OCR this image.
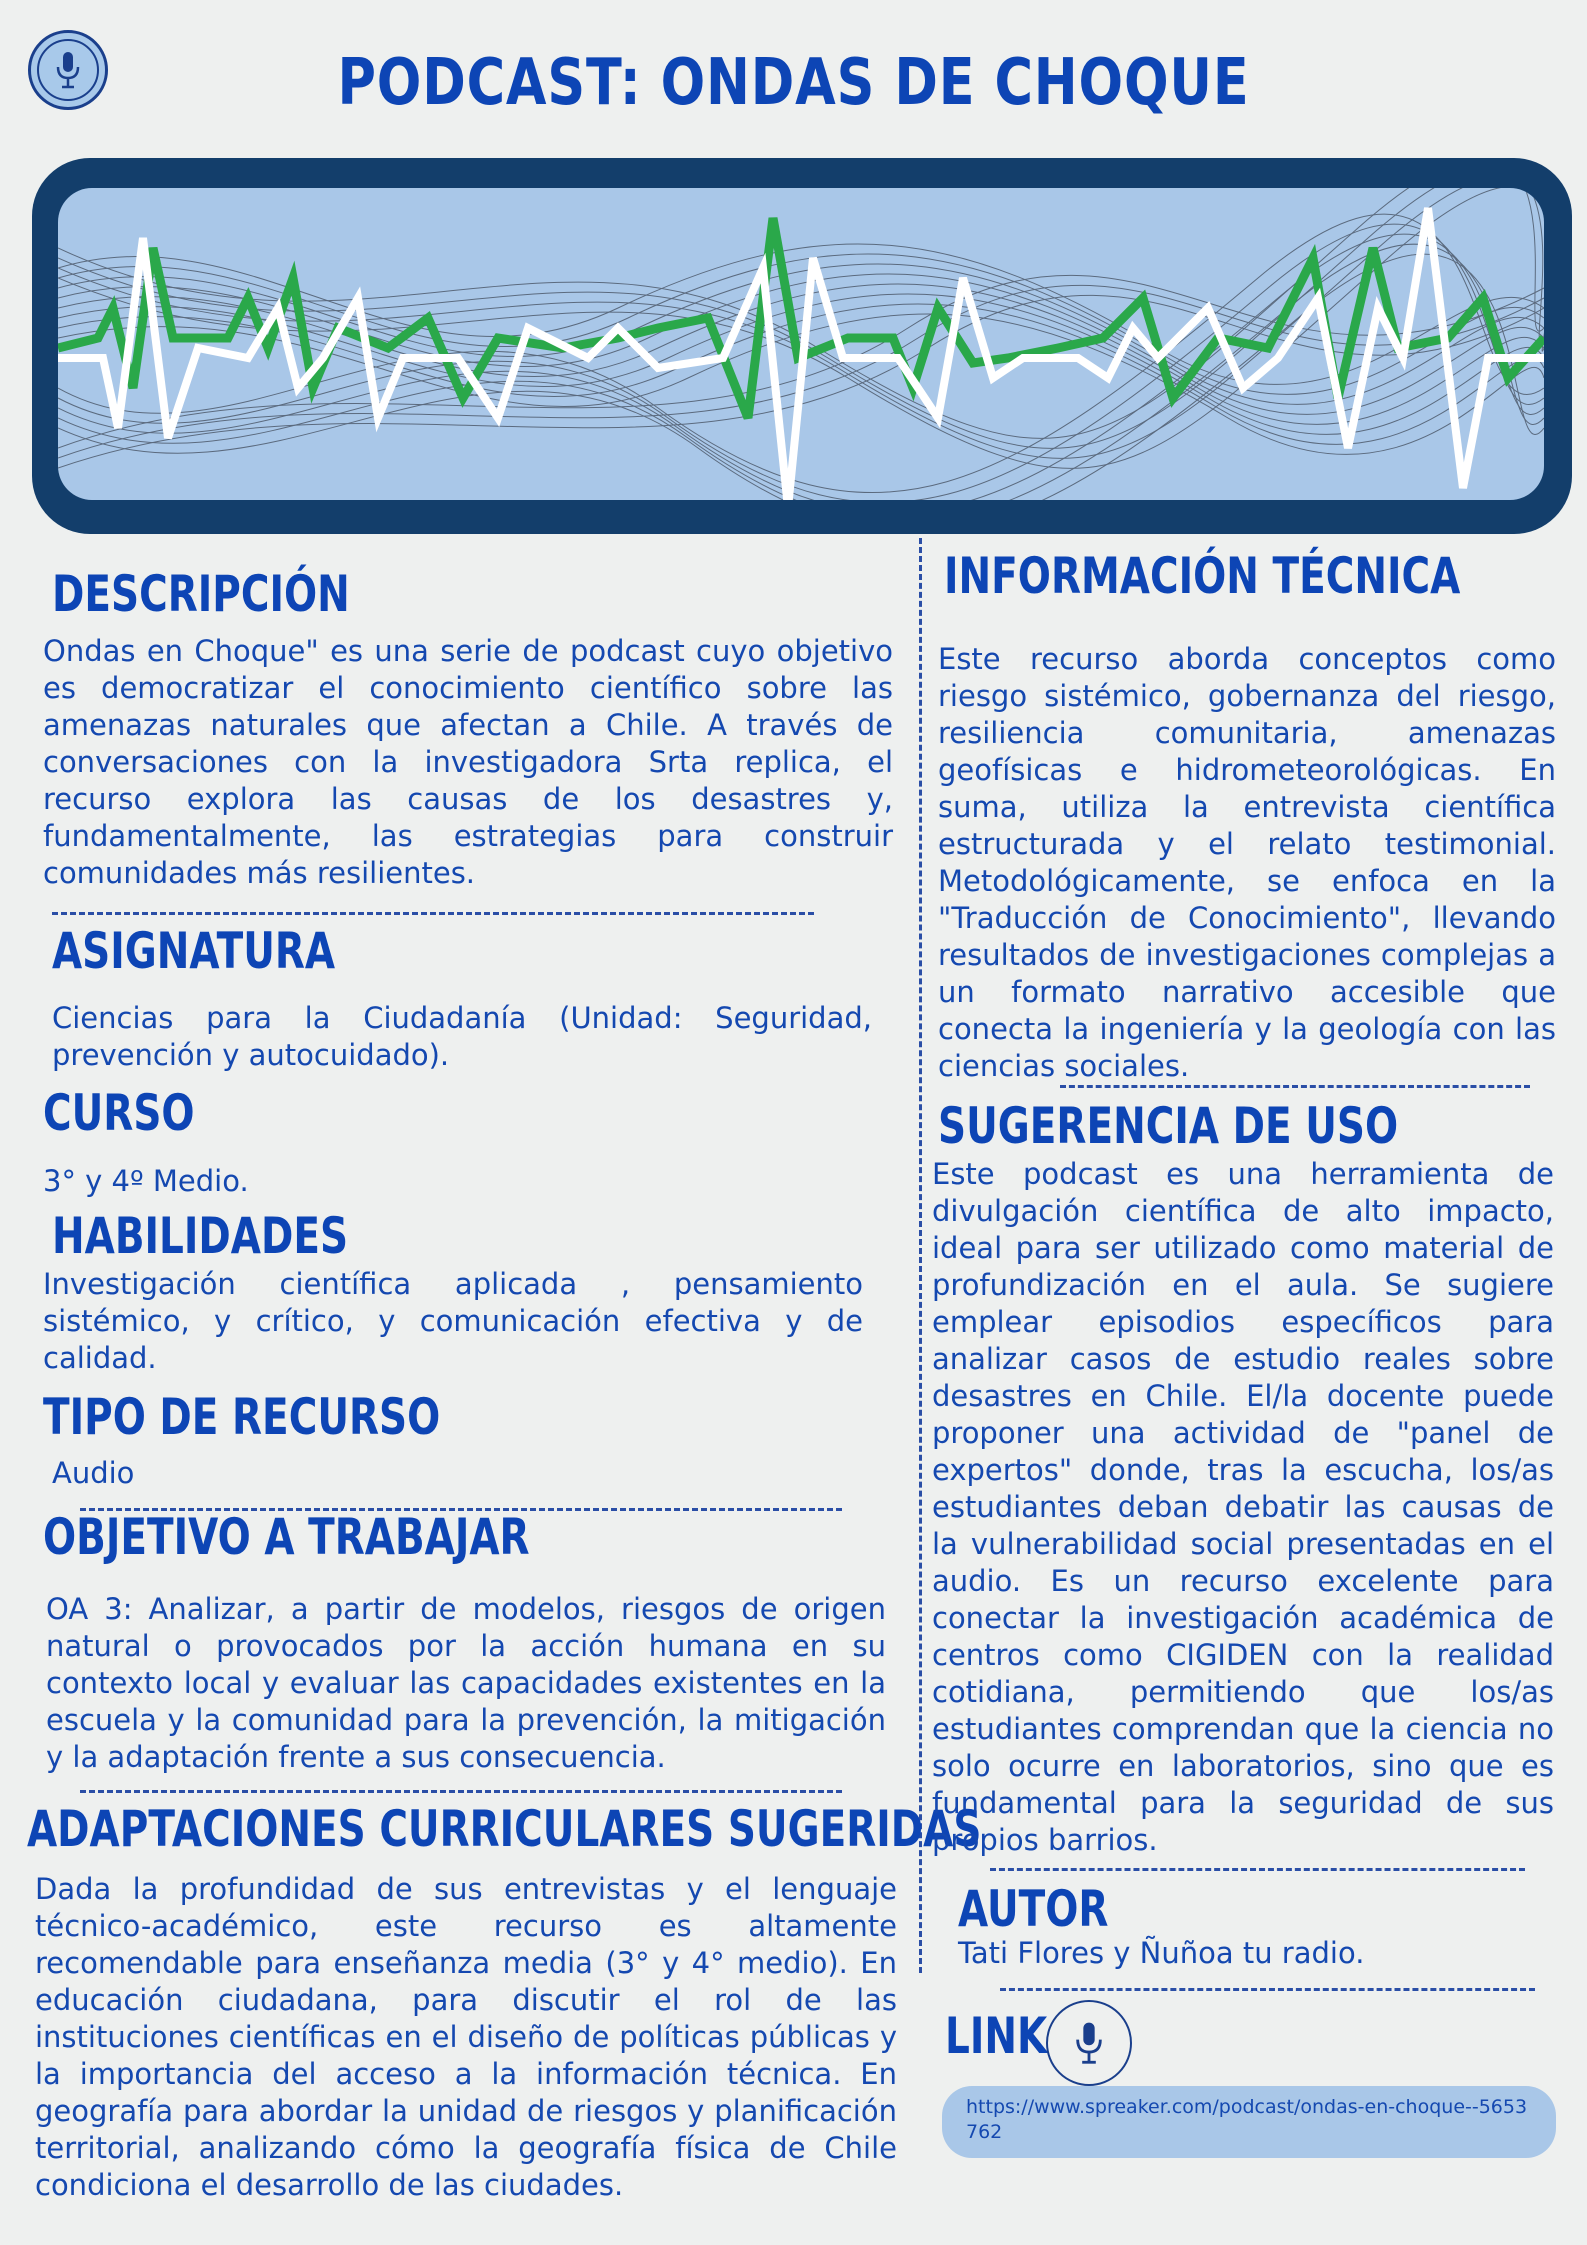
PODCAST: ONDAS DE CHOQUE
DESCRIPCIÓN
Ondas en Choque" es una serie de podcast cuyo objetivo es democratizar el conocimiento científico sobre las amenazas naturales que afectan a Chile. A través de conversaciones con la investigadora Srta replica, el recurso explora las causas de los desastres y, fundamentalmente, las estrategias para construir comunidades más resilientes.
ASIGNATURA
Ciencias para la Ciudadanía (Unidad: Seguridad, prevención y autocuidado).
CURSO
3° y 4º Medio.
HABILIDADES
Investigación científica aplicada , pensamiento sistémico, y crítico, y comunicación efectiva y de calidad.
TIPO DE RECURSO
Audio
OBJETIVO A TRABAJAR
OA 3: Analizar, a partir de modelos, riesgos de origen natural o provocados por la acción humana en su contexto local y evaluar las capacidades existentes en la escuela y la comunidad para la prevención, la mitigación y la adaptación frente a sus consecuencia.
ADAPTACIONES CURRICULARES SUGERIDAS
Dada la profundidad de sus entrevistas y el lenguaje técnico-académico, este recurso es altamente recomendable para enseñanza media (3° y 4° medio). En educación ciudadana, para discutir el rol de las instituciones científicas en el diseño de políticas públicas y la importancia del acceso a la información técnica. En geografía para abordar la unidad de riesgos y planificación territorial, analizando cómo la geografía física de Chile condiciona el desarrollo de las ciudades.
INFORMACIÓN TÉCNICA
Este recurso aborda conceptos como riesgo sistémico, gobernanza del riesgo, resiliencia comunitaria, amenazas geofísicas e hidrometeorológicas. En suma, utiliza la entrevista científica estructurada y el relato testimonial. Metodológicamente, se enfoca en la "Traducción de Conocimiento", llevando resultados de investigaciones complejas a un formato narrativo accesible que conecta la ingeniería y la geología con las ciencias sociales.
SUGERENCIA DE USO
Este podcast es una herramienta de divulgación científica de alto impacto, ideal para ser utilizado como material de profundización en el aula. Se sugiere emplear episodios específicos para analizar casos de estudio reales sobre desastres en Chile. El/la docente puede proponer una actividad de "panel de expertos" donde, tras la escucha, los/as estudiantes deban debatir las causas de la vulnerabilidad social presentadas en el audio. Es un recurso excelente para conectar la investigación académica de centros como CIGIDEN con la realidad cotidiana, permitiendo que los/as estudiantes comprendan que la ciencia no solo ocurre en laboratorios, sino que es fundamental para la seguridad de sus propios barrios.
AUTOR
Tati Flores y Ñuñoa tu radio.
LINK
https://www.spreaker.com/podcast/ondas-en-choque--5653762
